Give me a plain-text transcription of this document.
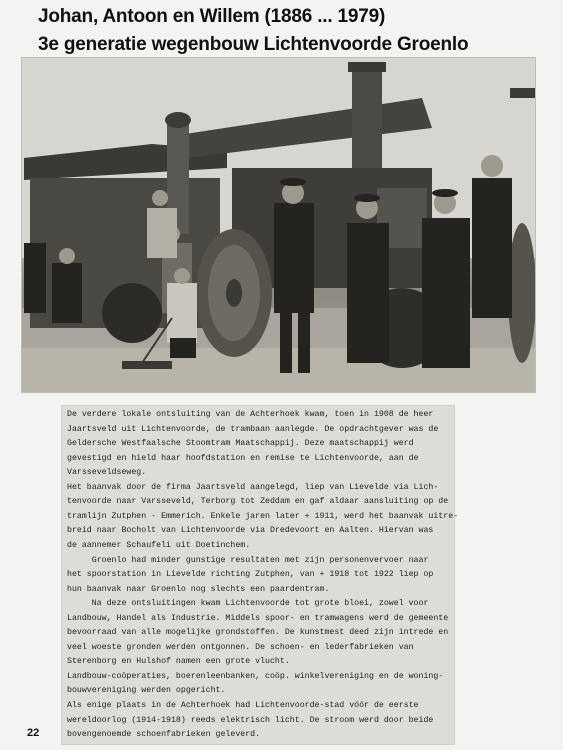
Johan, Antoon en Willem (1886 ... 1979)
3e generatie wegenbouw Lichtenvoorde Groenlo

De verdere lokale ontsluiting van de Achterhoek kwam, toen in 1908 de heer

Jaartsveld uit Lichtenvoorde, de trambaan aanlegde. De opdrachtgever was de

Geldersche Westfaalsche Stoomtram Maatschappij. Deze maatschappij werd

gevestigd en hield haar hoofdstation en remise te Lichtenvoorde, aan de

Varsseveldseweg.

Het baanvak door de firma Jaartsveld aangelegd, liep van Lievelde via Lich-

tenvoorde naar Varsseveld, Terborg tot Zeddam en gaf aldaar aansluiting op de

tramlijn Zutphen - Emmerich. Enkele jaren later + 1911, werd het baanvak uitre-

breid naar Bocholt van Lichtenvoorde via Dredevoort en Aalten. Hiervan was

de aannemer Schaufeli uit Doetinchem.

Groenlo had minder gunstige resultaten met zijn personenvervoer naar

het spoorstation in Lievelde richting Zutphen, van + 1918 tot 1922 liep op

hun baanvak naar Groenlo nog slechts een paardentram.

Na deze ontsluitingen kwam Lichtenvoorde tot grote bloei, zowel voor

Landbouw, Handel als Industrie. Middels spoor- en tramwagens werd de gemeente

bevoorraad van alle mogelijke grondstoffen. De kunstmest deed zijn intrede en

veel woeste gronden werden ontgonnen. De schoen- en lederfabrieken van

Sterenborg en Hulshof namen een grote vlucht.

Landbouw-coöperaties, boerenleenbanken, coöp. winkelvereniging en de woning-

bouwvereniging werden opgericht.

Als enige plaats in de Achterhoek had Lichtenvoorde-stad vóór de eerste

wereldoorlog (1914-1918) reeds elektrisch licht. De stroom werd door beide

bovengenoemde schoenfabrieken geleverd.

22
